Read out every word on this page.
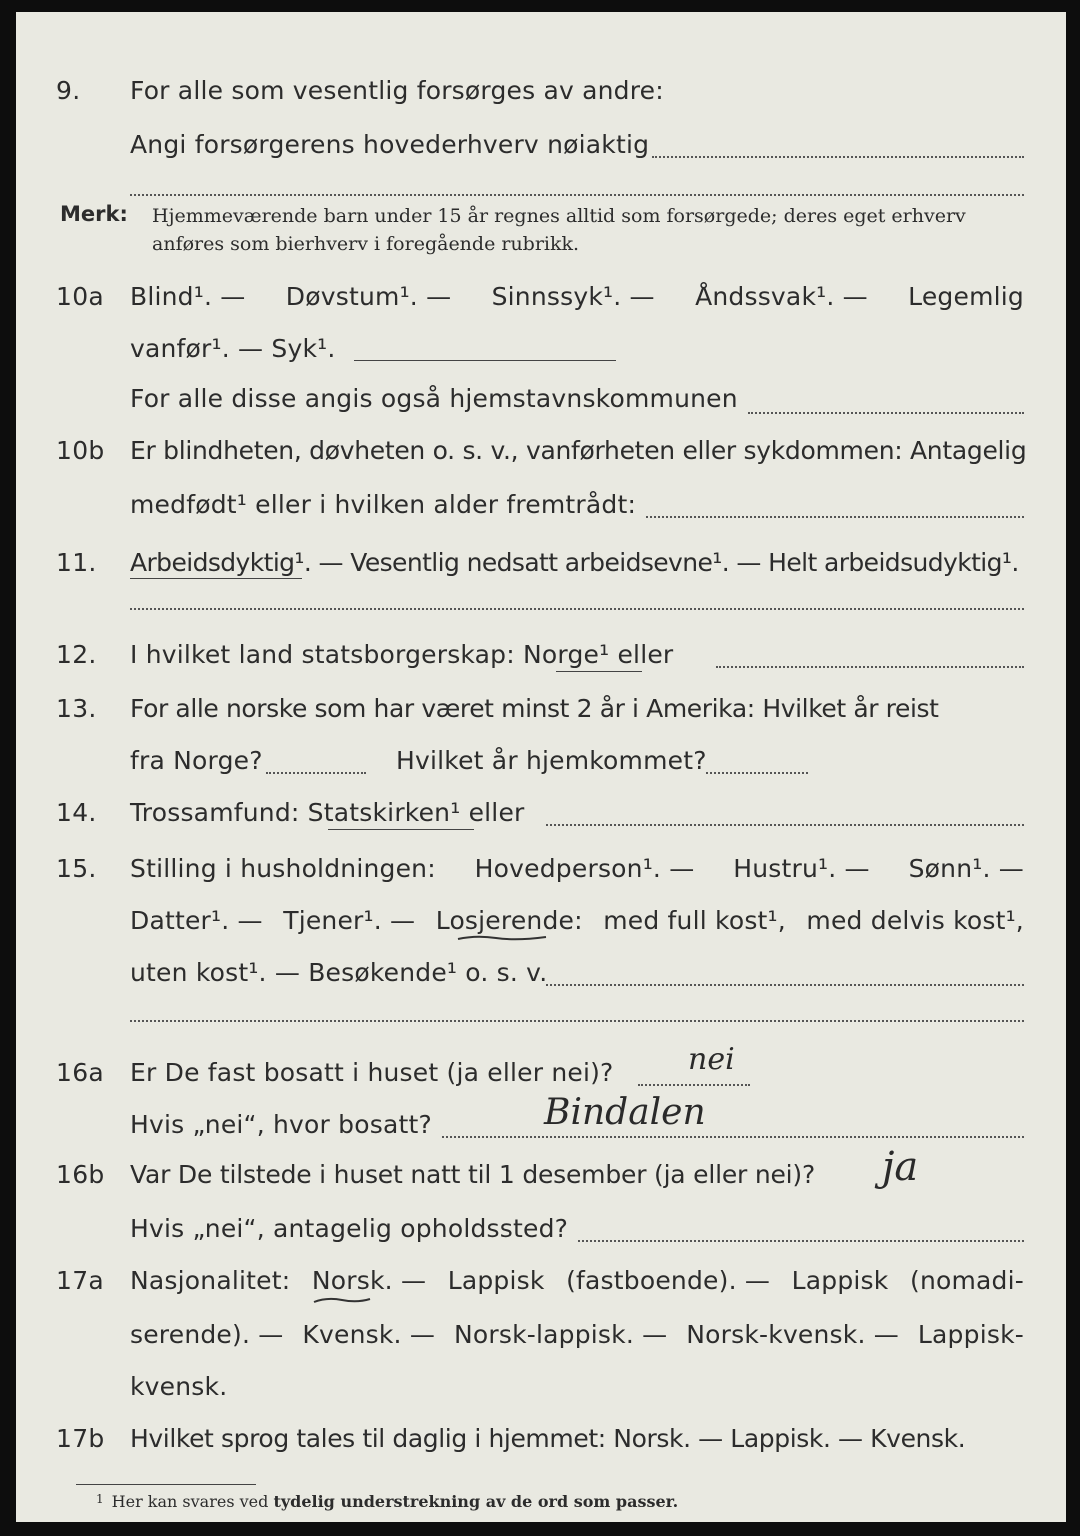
9. For alle som vesentlig forsørges av andre:
Angi forsørgerens hovederhverv nøiaktig
Merk: Hjemmeværende barn under 15 år regnes alltid som forsørgede; deres eget erhverv
anføres som bierhverv i foregående rubrikk.
10a Blind¹. — Døvstum¹. — Sinnssyk¹. — Åndssvak¹. — Legemlig
vanfør¹. — Syk¹.
For alle disse angis også hjemstavnskommunen
10b Er blindheten, døvheten o. s. v., vanførheten eller sykdommen: Antagelig
medfødt¹ eller i hvilken alder fremtrådt:
11. Arbeidsdyktig¹. — Vesentlig nedsatt arbeidsevne¹. — Helt arbeidsudyktig¹.
12. I hvilket land statsborgerskap: Norge¹ eller
13. For alle norske som har været minst 2 år i Amerika: Hvilket år reist
fra Norge?	Hvilket år hjemkommet?
14. Trossamfund: Statskirken¹ eller
15. Stilling i husholdningen: Hovedperson¹. — Hustru¹. — Sønn¹. —
Datter¹. — Tjener¹. — Losjerende: med full kost¹, med delvis kost¹,
uten kost¹. — Besøkende¹ o. s. v.
16a Er De fast bosatt i huset (ja eller nei)? nei
Hvis „nei“, hvor bosatt?	Bindalen
16b Var De tilstede i huset natt til 1 desember (ja eller nei)? ja
Hvis „nei“, antagelig opholdssted?
17a Nasjonalitet: Norsk. — Lappisk (fastboende). — Lappisk (nomadi-
serende). — Kvensk. — Norsk-lappisk. — Norsk-kvensk. — Lappisk-
kvensk.
17b Hvilket sprog tales til daglig i hjemmet: Norsk. — Lappisk. — Kvensk.
$^1$ Her kan svares ved tydelig understrekning av de ord som passer.
